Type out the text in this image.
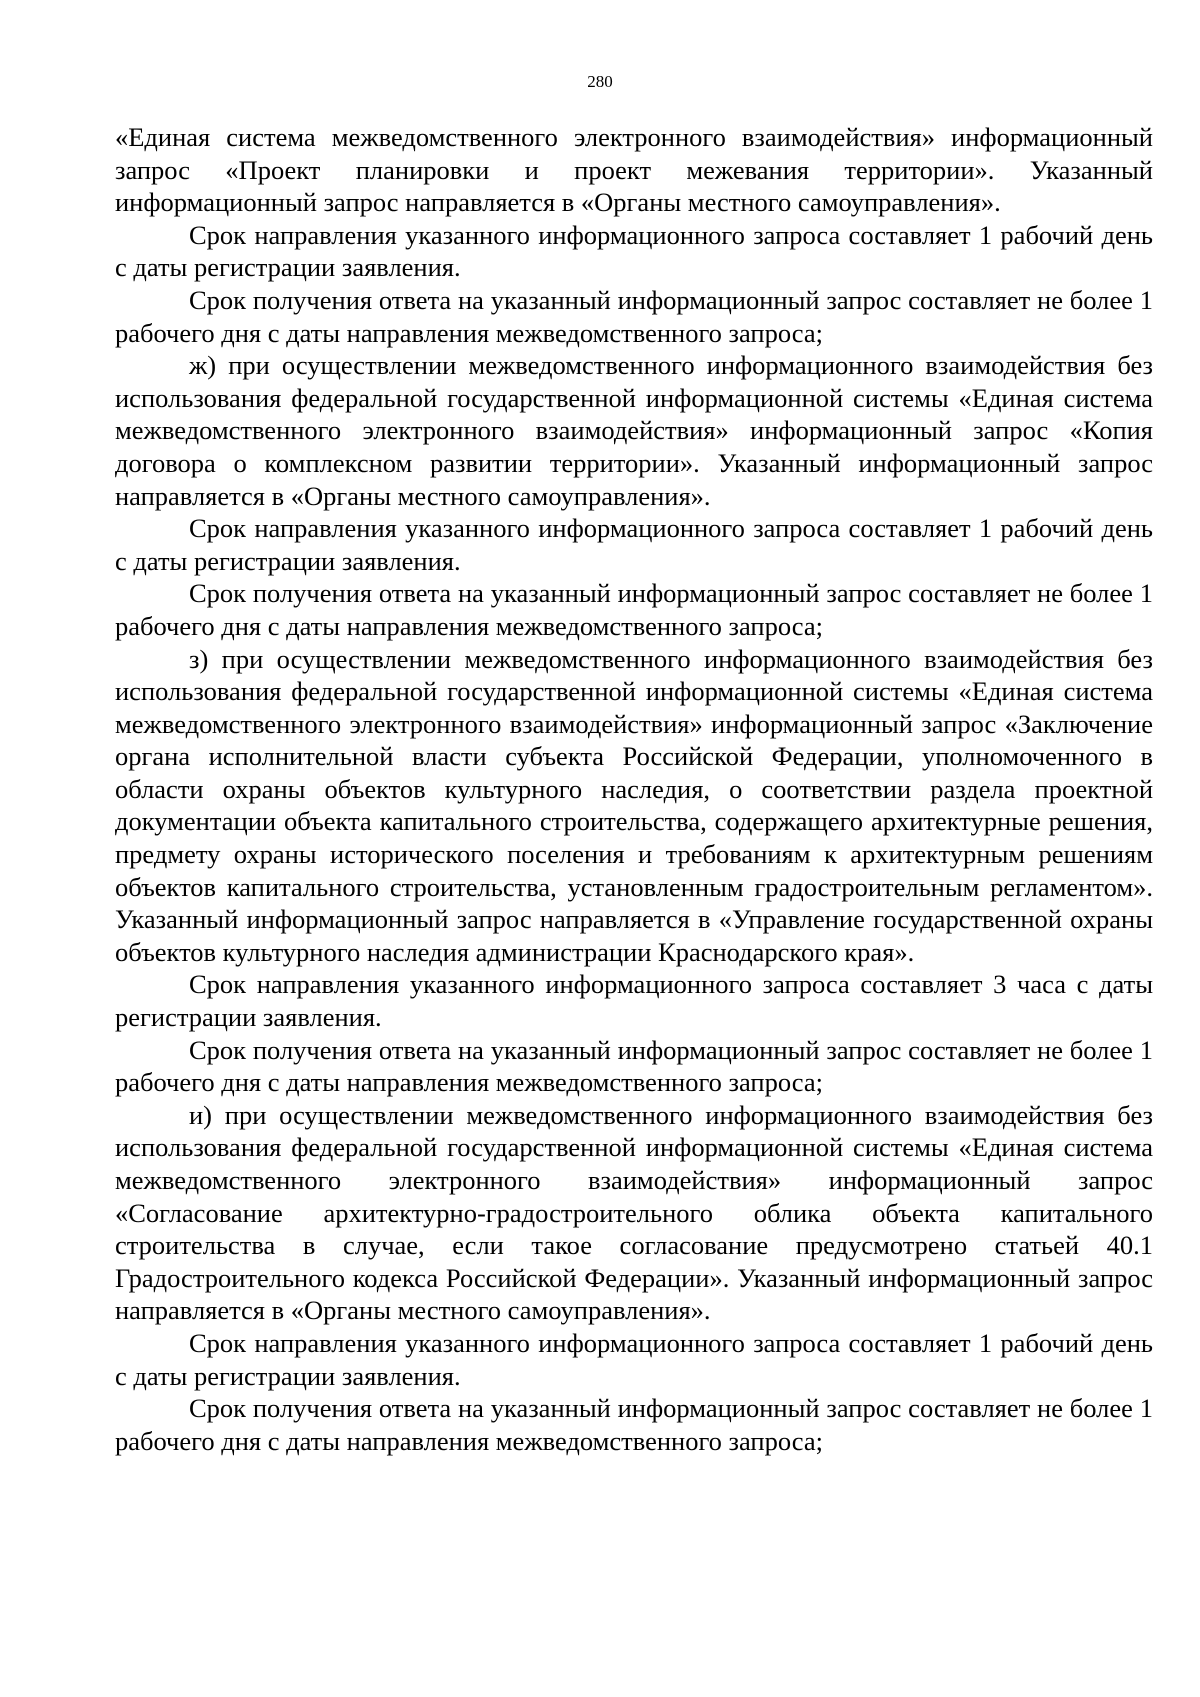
280

«Единая система межведомственного электронного взаимодействия» информационный запрос «Проект планировки и проект межевания территории». Указанный информационный запрос направляется в «Органы местного самоуправления».

Срок направления указанного информационного запроса составляет 1 рабочий день с даты регистрации заявления.

Срок получения ответа на указанный информационный запрос составляет не более 1 рабочего дня с даты направления межведомственного запроса;

ж) при осуществлении межведомственного информационного взаимодействия без использования федеральной государственной информационной системы «Единая система межведомственного электронного взаимодействия» информационный запрос «Копия договора о комплексном развитии территории». Указанный информационный запрос направляется в «Органы местного самоуправления».

Срок направления указанного информационного запроса составляет 1 рабочий день с даты регистрации заявления.

Срок получения ответа на указанный информационный запрос составляет не более 1 рабочего дня с даты направления межведомственного запроса;

з) при осуществлении межведомственного информационного взаимодействия без использования федеральной государственной информационной системы «Единая система межведомственного электронного взаимодействия» информационный запрос «Заключение органа исполнительной власти субъекта Российской Федерации, уполномоченного в области охраны объектов культурного наследия, о соответствии раздела проектной документации объекта капитального строительства, содержащего архитектурные решения, предмету охраны исторического поселения и требованиям к архитектурным решениям объектов капитального строительства, установленным градостроительным регламентом». Указанный информационный запрос направляется в «Управление государственной охраны объектов культурного наследия администрации Краснодарского края».

Срок направления указанного информационного запроса составляет 3 часа с даты регистрации заявления.

Срок получения ответа на указанный информационный запрос составляет не более 1 рабочего дня с даты направления межведомственного запроса;

и) при осуществлении межведомственного информационного взаимодействия без использования федеральной государственной информационной системы «Единая система межведомственного электронного взаимодействия» информационный запрос «Согласование архитектурно-градостроительного облика объекта капитального строительства в случае, если такое согласование предусмотрено статьей 40.1 Градостроительного кодекса Российской Федерации». Указанный информационный запрос направляется в «Органы местного самоуправления».

Срок направления указанного информационного запроса составляет 1 рабочий день с даты регистрации заявления.

Срок получения ответа на указанный информационный запрос составляет не более 1 рабочего дня с даты направления межведомственного запроса;
